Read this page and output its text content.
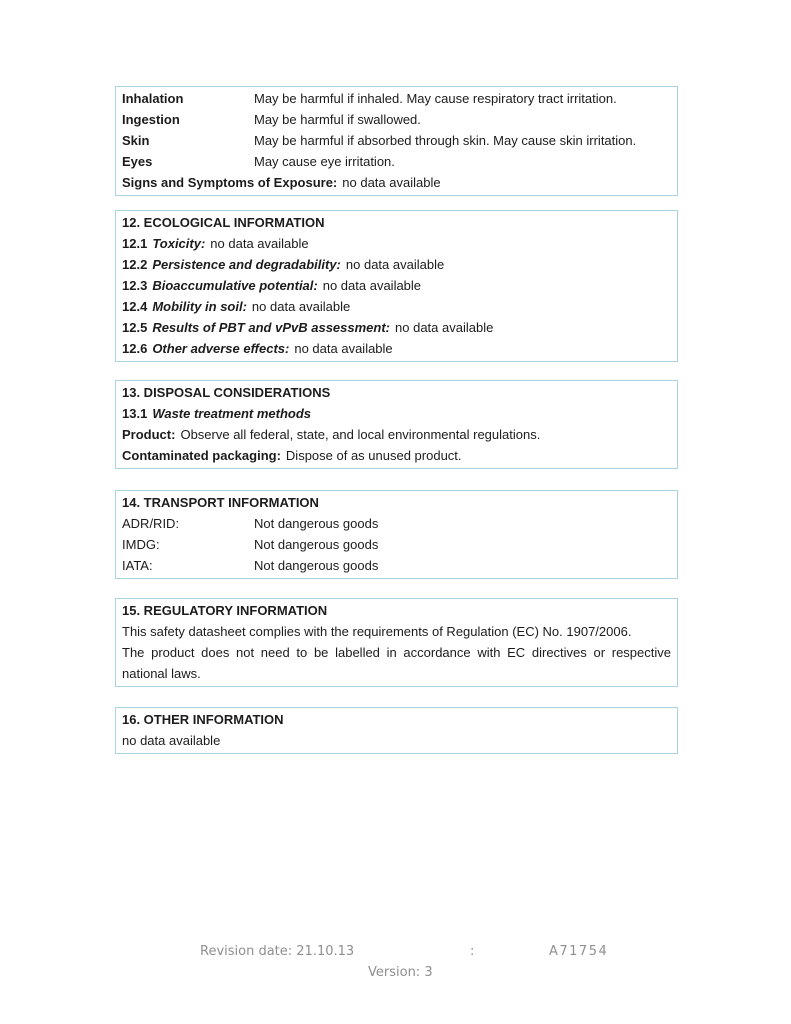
Inhalation	May be harmful if inhaled. May cause respiratory tract irritation.
Ingestion	May be harmful if swallowed.
Skin	May be harmful if absorbed through skin. May cause skin irritation.
Eyes	May cause eye irritation.
Signs and Symptoms of Exposure: no data available
12. ECOLOGICAL INFORMATION
12.1 Toxicity: no data available
12.2 Persistence and degradability: no data available
12.3 Bioaccumulative potential: no data available
12.4 Mobility in soil: no data available
12.5 Results of PBT and vPvB assessment: no data available
12.6 Other adverse effects: no data available
13. DISPOSAL CONSIDERATIONS
13.1 Waste treatment methods
Product: Observe all federal, state, and local environmental regulations.
Contaminated packaging: Dispose of as unused product.
14. TRANSPORT INFORMATION
ADR/RID:	Not dangerous goods
IMDG:	Not dangerous goods
IATA:	Not dangerous goods
15. REGULATORY INFORMATION
This safety datasheet complies with the requirements of Regulation (EC) No. 1907/2006.

The product does not need to be labelled in accordance with EC directives or respective national laws.

16. OTHER INFORMATION
no data available
Revision date: 21.10.13	:	A71754
Version: 3
